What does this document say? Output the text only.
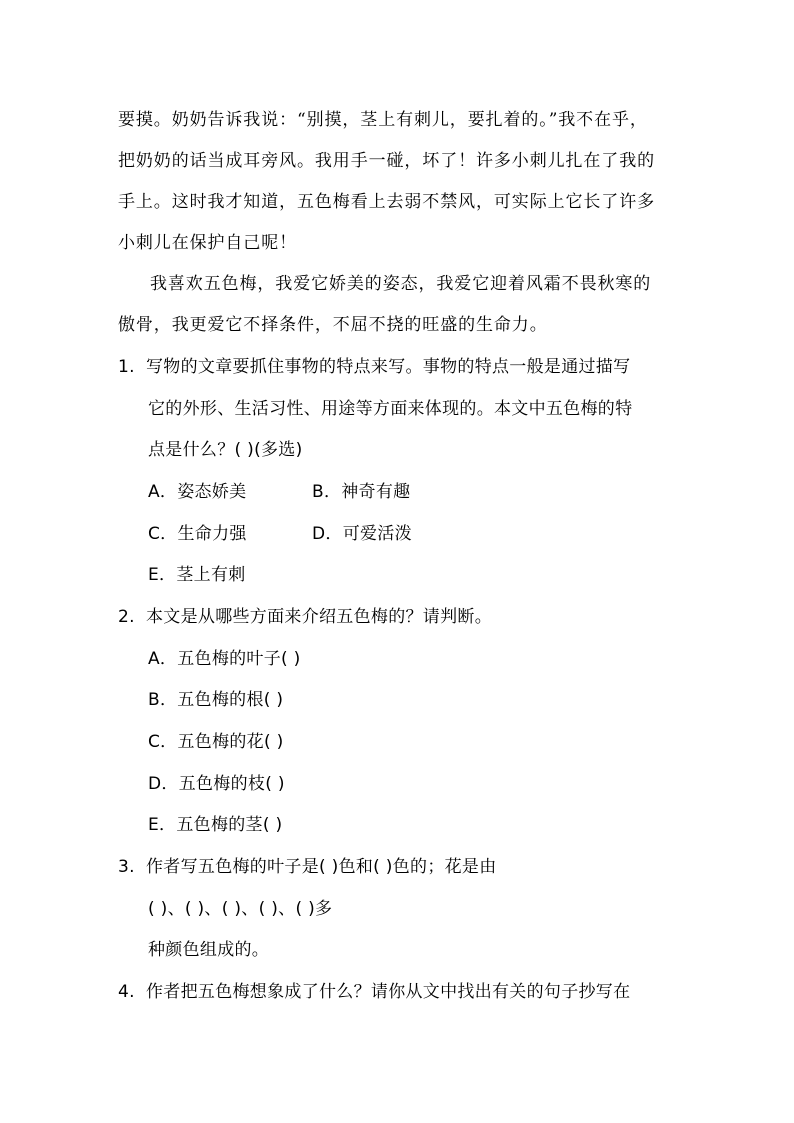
要摸。奶奶告诉我说：“别摸，茎上有刺儿，要扎着的。”我不在乎，
把奶奶的话当成耳旁风。我用手一碰，坏了！许多小刺儿扎在了我的
手上。这时我才知道，五色梅看上去弱不禁风，可实际上它长了许多
小刺儿在保护自己呢！
我喜欢五色梅，我爱它娇美的姿态，我爱它迎着风霜不畏秋寒的
傲骨，我更爱它不择条件，不屈不挠的旺盛的生命力。
1. 写物的文章要抓住事物的特点来写。事物的特点一般是通过描写
它的外形、生活习性、用途等方面来体现的。本文中五色梅的特
点是什么？( )(多选)
A．姿态娇美	B．神奇有趣
C．生命力强	D．可爱活泼
E．茎上有刺
2. 本文是从哪些方面来介绍五色梅的？请判断。
A．五色梅的叶子( )
B．五色梅的根( )
C．五色梅的花( )
D．五色梅的枝( )
E．五色梅的茎( )
3. 作者写五色梅的叶子是( )色和( )色的；花是由
( )、( )、( )、( )、( )多
种颜色组成的。
4. 作者把五色梅想象成了什么？请你从文中找出有关的句子抄写在
